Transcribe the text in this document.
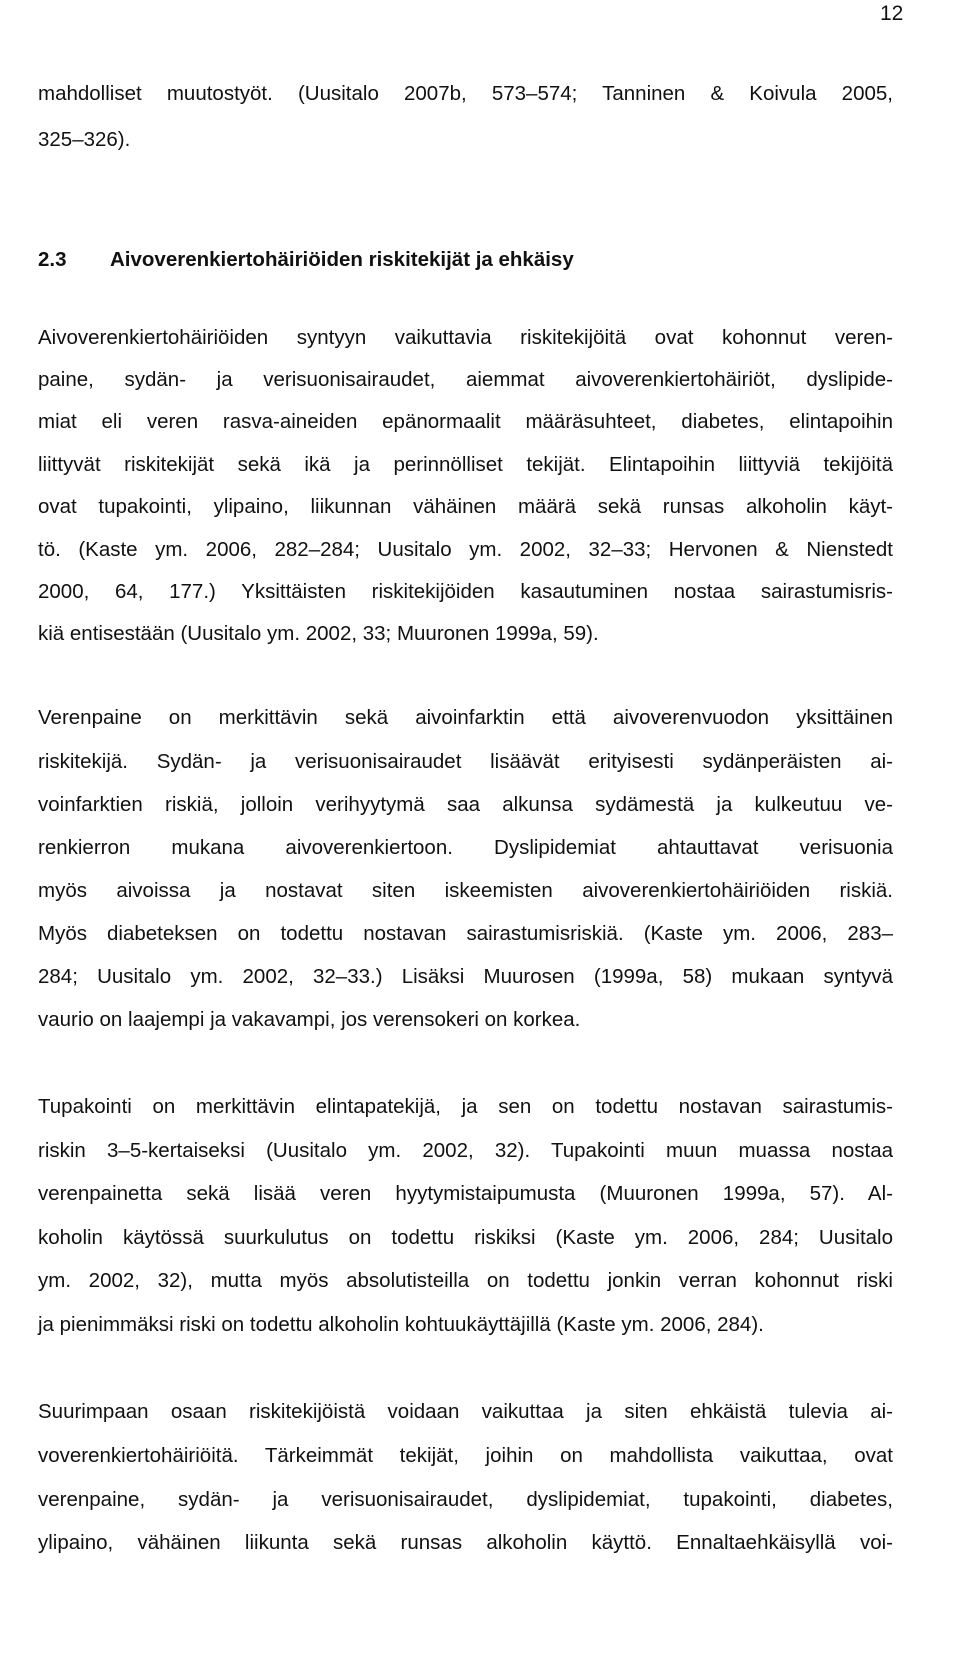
12
mahdolliset muutostyöt. (Uusitalo 2007b, 573–574; Tanninen & Koivula 2005,
325–326).
2.3 Aivoverenkiertohäiriöiden riskitekijät ja ehkäisy
Aivoverenkiertohäiriöiden syntyyn vaikuttavia riskitekijöitä ovat kohonnut veren-
paine, sydän- ja verisuonisairaudet, aiemmat aivoverenkiertohäiriöt, dyslipide-
miat eli veren rasva-aineiden epänormaalit määräsuhteet, diabetes, elintapoihin
liittyvät riskitekijät sekä ikä ja perinnölliset tekijät. Elintapoihin liittyviä tekijöitä
ovat tupakointi, ylipaino, liikunnan vähäinen määrä sekä runsas alkoholin käyt-
tö. (Kaste ym. 2006, 282–284; Uusitalo ym. 2002, 32–33; Hervonen & Nienstedt
2000, 64, 177.) Yksittäisten riskitekijöiden kasautuminen nostaa sairastumisris-
kiä entisestään (Uusitalo ym. 2002, 33; Muuronen 1999a, 59).
Verenpaine on merkittävin sekä aivoinfarktin että aivoverenvuodon yksittäinen
riskitekijä. Sydän- ja verisuonisairaudet lisäävät erityisesti sydänperäisten ai-
voinfarktien riskiä, jolloin verihyytymä saa alkunsa sydämestä ja kulkeutuu ve-
renkierron mukana aivoverenkiertoon. Dyslipidemiat ahtauttavat verisuonia
myös aivoissa ja nostavat siten iskeemisten aivoverenkiertohäiriöiden riskiä.
Myös diabeteksen on todettu nostavan sairastumisriskiä. (Kaste ym. 2006, 283–
284; Uusitalo ym. 2002, 32–33.) Lisäksi Muurosen (1999a, 58) mukaan syntyvä
vaurio on laajempi ja vakavampi, jos verensokeri on korkea.
Tupakointi on merkittävin elintapatekijä, ja sen on todettu nostavan sairastumis-
riskin 3–5-kertaiseksi (Uusitalo ym. 2002, 32). Tupakointi muun muassa nostaa
verenpainetta sekä lisää veren hyytymistaipumusta (Muuronen 1999a, 57). Al-
koholin käytössä suurkulutus on todettu riskiksi (Kaste ym. 2006, 284; Uusitalo
ym. 2002, 32), mutta myös absolutisteilla on todettu jonkin verran kohonnut riski
ja pienimmäksi riski on todettu alkoholin kohtuukäyttäjillä (Kaste ym. 2006, 284).
Suurimpaan osaan riskitekijöistä voidaan vaikuttaa ja siten ehkäistä tulevia ai-
voverenkiertohäiriöitä. Tärkeimmät tekijät, joihin on mahdollista vaikuttaa, ovat
verenpaine, sydän- ja verisuonisairaudet, dyslipidemiat, tupakointi, diabetes,
ylipaino, vähäinen liikunta sekä runsas alkoholin käyttö. Ennaltaehkäisyllä voi-
